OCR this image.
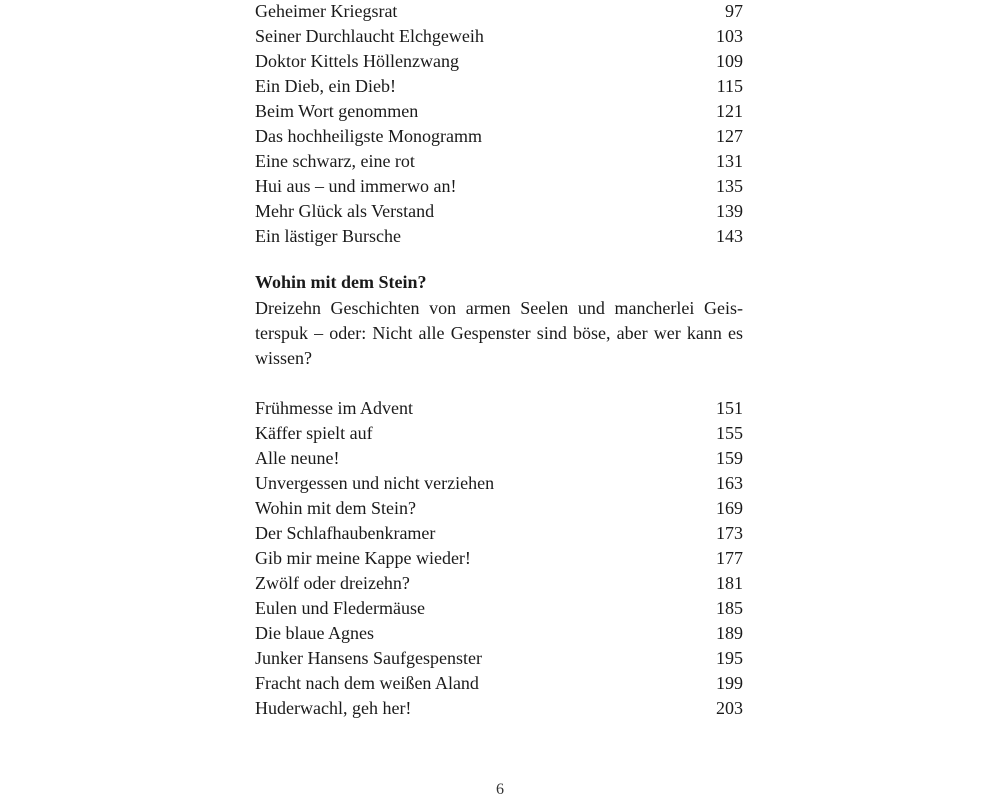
Geheimer Kriegsrat	97
Seiner Durchlaucht Elchgeweih	103
Doktor Kittels Höllenzwang	109
Ein Dieb, ein Dieb!	115
Beim Wort genommen	121
Das hochheiligste Monogramm	127
Eine schwarz, eine rot	131
Hui aus – und immerwo an!	135
Mehr Glück als Verstand	139
Ein lästiger Bursche	143
Wohin mit dem Stein?
Dreizehn Geschichten von armen Seelen und mancherlei Geisterspuk – oder: Nicht alle Gespenster sind böse, aber wer kann es wissen?
Frühmesse im Advent	151
Käffer spielt auf	155
Alle neune!	159
Unvergessen und nicht verziehen	163
Wohin mit dem Stein?	169
Der Schlafhaubenkramer	173
Gib mir meine Kappe wieder!	177
Zwölf oder dreizehn?	181
Eulen und Fledermäuse	185
Die blaue Agnes	189
Junker Hansens Saufgespenster	195
Fracht nach dem weißen Aland	199
Huderwachl, geh her!	203
6
